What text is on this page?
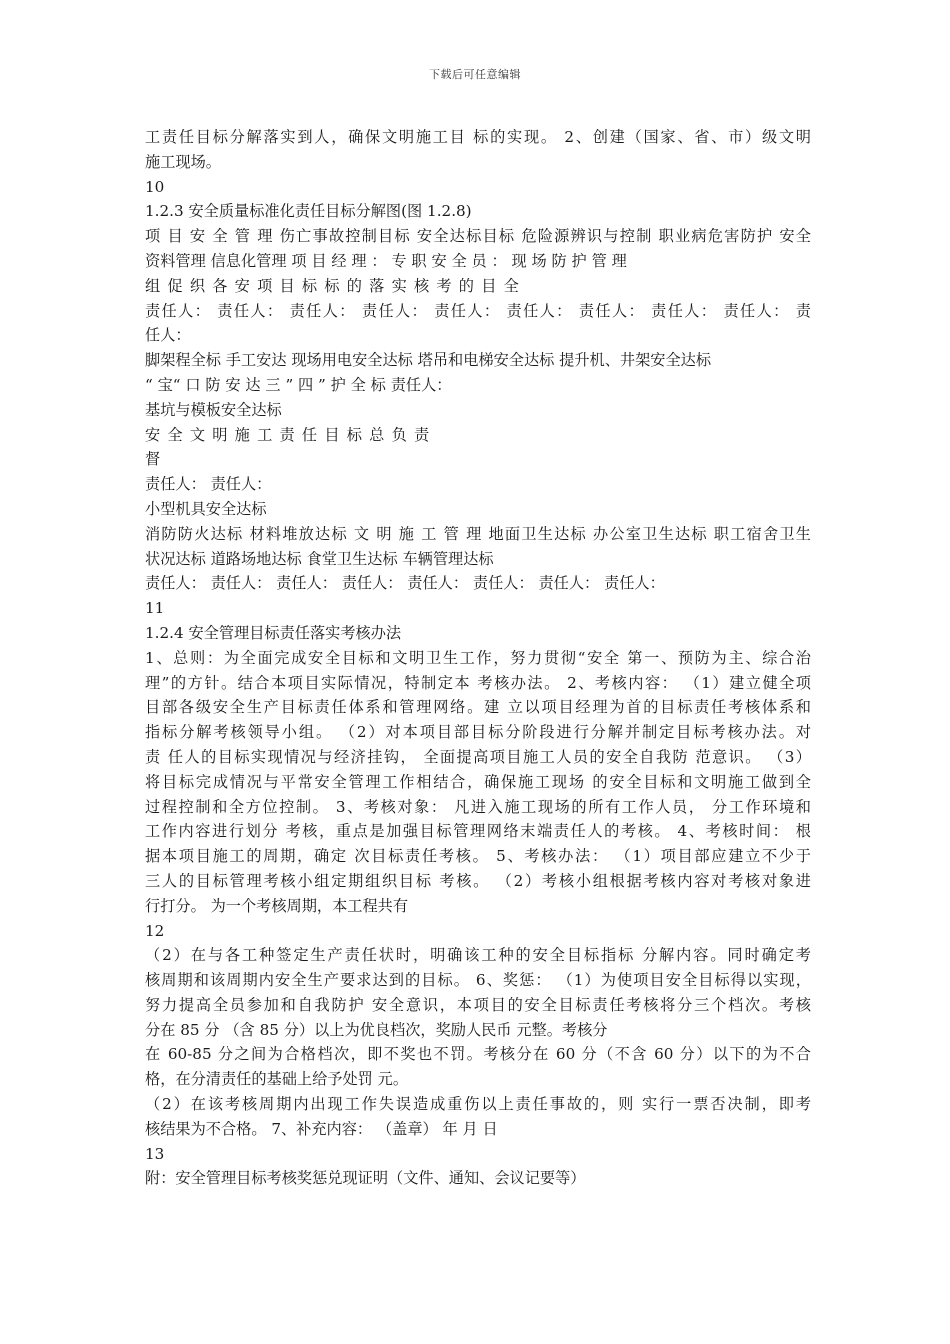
下载后可任意编辑
工责任目标分解落实到人，确保文明施工目 标的实现。 2、创建（国家、省、市）级文明
施工现场。
10
1.2.3 安全质量标准化责任目标分解图(图 1.2.8)
项 目 安 全 管 理 伤亡事故控制目标 安全达标目标 危险源辨识与控制 职业病危害防护 安全
资料管理 信息化管理 项 目 经 理 ： 专 职 安 全 员 ： 现 场 防 护 管 理
组 促 织 各 安 项 目 标 标 的 落 实 核 考 的 目 全
责任人： 责任人： 责任人： 责任人： 责任人： 责任人： 责任人： 责任人： 责任人： 责
任人：
脚架程全标 手工安达 现场用电安全达标 塔吊和电梯安全达标 提升机、井架安全达标
“ 宝“ 口 防 安 达 三 ” 四 ” 护 全 标 责任人：
基坑与模板安全达标
安 全 文 明 施 工 责 任 目 标 总 负 责
督
责任人： 责任人：
小型机具安全达标
消防防火达标 材料堆放达标 文 明 施 工 管 理 地面卫生达标 办公室卫生达标 职工宿舍卫生
状况达标 道路场地达标 食堂卫生达标 车辆管理达标
责任人： 责任人： 责任人： 责任人： 责任人： 责任人： 责任人： 责任人：
11
1.2.4 安全管理目标责任落实考核办法
1、总则：为全面完成安全目标和文明卫生工作，努力贯彻“安全 第一、预防为主、综合治
理”的方针。结合本项目实际情况，特制定本 考核办法。 2、考核内容： （1）建立健全项
目部各级安全生产目标责任体系和管理网络。建 立以项目经理为首的目标责任考核体系和
指标分解考核领导小组。 （2）对本项目部目标分阶段进行分解并制定目标考核办法。对
责 任人的目标实现情况与经济挂钩， 全面提高项目施工人员的安全自我防 范意识。 （3）
将目标完成情况与平常安全管理工作相结合，确保施工现场 的安全目标和文明施工做到全
过程控制和全方位控制。 3、考核对象： 凡进入施工现场的所有工作人员， 分工作环境和
工作内容进行划分 考核，重点是加强目标管理网络末端责任人的考核。 4、考核时间： 根
据本项目施工的周期，确定 次目标责任考核。 5、考核办法： （1）项目部应建立不少于
三人的目标管理考核小组定期组织目标 考核。 （2）考核小组根据考核内容对考核对象进
行打分。 为一个考核周期，本工程共有
12
（2）在与各工种签定生产责任状时，明确该工种的安全目标指标 分解内容。同时确定考
核周期和该周期内安全生产要求达到的目标。 6、奖惩： （1）为使项目安全目标得以实现，
努力提高全员参加和自我防护 安全意识，本项目的安全目标责任考核将分三个档次。考核
分在 85 分 （含 85 分）以上为优良档次，奖励人民币 元整。考核分
在 60-85 分之间为合格档次，即不奖也不罚。考核分在 60 分（不含 60 分）以下的为不合
格，在分清责任的基础上给予处罚 元。
（2）在该考核周期内出现工作失误造成重伤以上责任事故的，则 实行一票否决制，即考
核结果为不合格。 7、补充内容： （盖章） 年 月 日
13
附：安全管理目标考核奖惩兑现证明（文件、通知、会议记要等）
